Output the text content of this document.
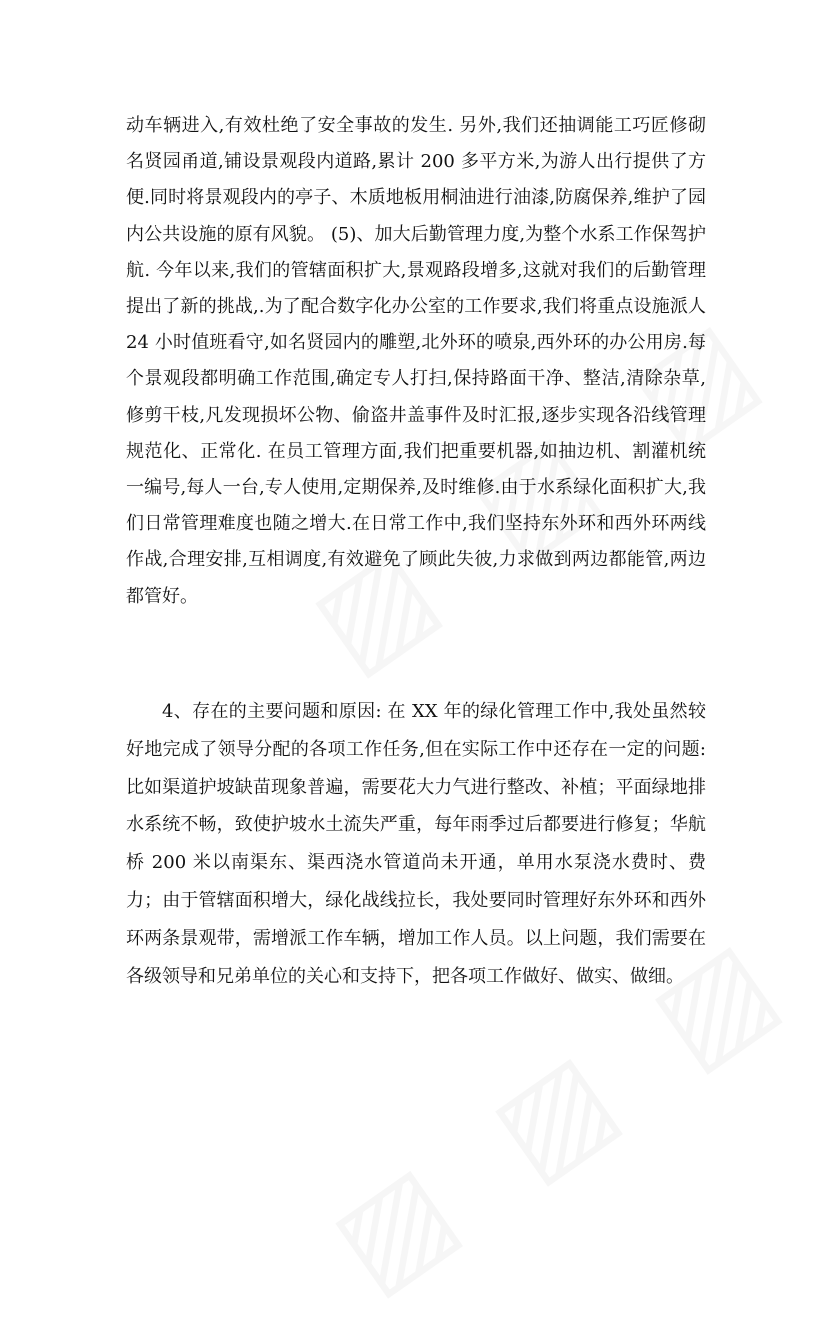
动车辆进入,有效杜绝了安全事故的发生. 另外,我们还抽调能工巧匠修砌名贤园甬道,铺设景观段内道路,累计 200 多平方米,为游人出行提供了方便.同时将景观段内的亭子、木质地板用桐油进行油漆,防腐保养,维护了园内公共设施的原有风貌。 (5)、加大后勤管理力度,为整个水系工作保驾护航. 今年以来,我们的管辖面积扩大,景观路段增多,这就对我们的后勤管理提出了新的挑战,.为了配合数字化办公室的工作要求,我们将重点设施派人 24 小时值班看守,如名贤园内的雕塑,北外环的喷泉,西外环的办公用房.每个景观段都明确工作范围,确定专人打扫,保持路面干净、整洁,清除杂草,修剪干枝,凡发现损坏公物、偷盗井盖事件及时汇报,逐步实现各沿线管理规范化、正常化. 在员工管理方面,我们把重要机器,如抽边机、割灌机统一编号,每人一台,专人使用,定期保养,及时维修.由于水系绿化面积扩大,我们日常管理难度也随之增大.在日常工作中,我们坚持东外环和西外环两线作战,合理安排,互相调度,有效避免了顾此失彼,力求做到两边都能管,两边都管好。

4、存在的主要问题和原因: 在 XX 年的绿化管理工作中,我处虽然较好地完成了领导分配的各项工作任务,但在实际工作中还存在一定的问题:比如渠道护坡缺苗现象普遍，需要花大力气进行整改、补植；平面绿地排水系统不畅，致使护坡水土流失严重，每年雨季过后都要进行修复；华航桥 200 米以南渠东、渠西浇水管道尚未开通，单用水泵浇水费时、费力；由于管辖面积增大，绿化战线拉长，我处要同时管理好东外环和西外环两条景观带，需增派工作车辆，增加工作人员。以上问题，我们需要在各级领导和兄弟单位的关心和支持下，把各项工作做好、做实、做细。
